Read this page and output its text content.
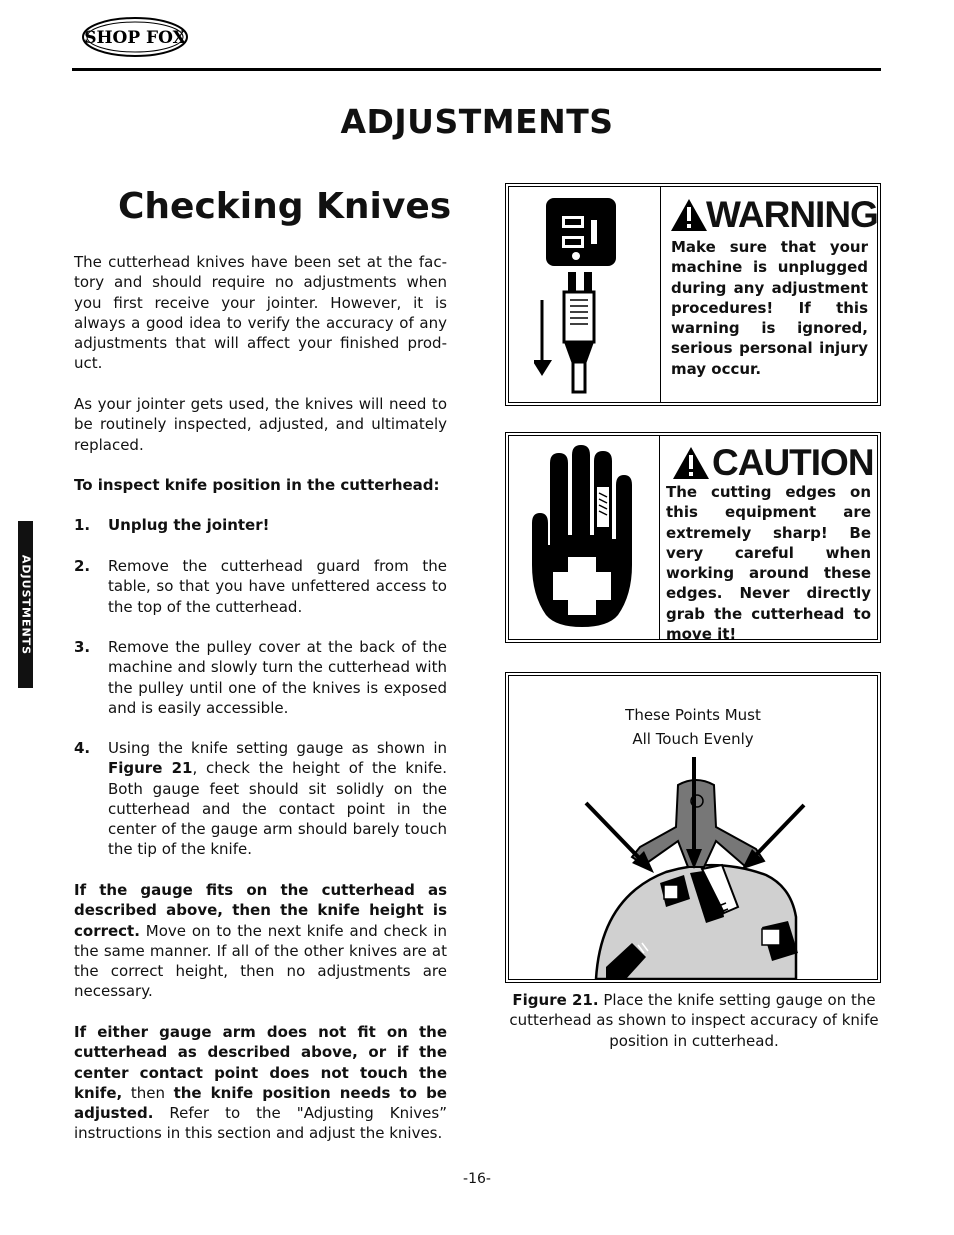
SHOP FOX
ADJUSTMENTS
ADJUSTMENTS
Checking Knives

The cutterhead knives have been set at the factory and should require no adjustments when you first receive your jointer. However, it is always a good idea to verify the accuracy of any adjustments that will affect your finished product.

As your jointer gets used, the knives will need to be routinely inspected, adjusted, and ultimately replaced.

To inspect knife position in the cutterhead:
1. Unplug the jointer!
2. Remove the cutterhead guard from the table, so that you have unfettered access to the top of the cutterhead.
3. Remove the pulley cover at the back of the machine and slowly turn the cutterhead with the pulley until one of the knives is exposed and is easily accessible.
4. Using the knife setting gauge as shown in Figure 21, check the height of the knife. Both gauge feet should sit solidly on the cutterhead and the contact point in the center of the gauge arm should barely touch the tip of the knife.

If the gauge fits on the cutterhead as described above, then the knife height is correct. Move on to the next knife and check in the same manner. If all of the other knives are at the correct height, then no adjustments are necessary.

If either gauge arm does not fit on the cutterhead as described above, or if the center contact point does not touch the knife, then the knife position needs to be adjusted. Refer to the "Adjusting Knives” instructions in this section and adjust the knives.

WARNING
Make sure that your machine is unplugged during any adjustment procedures! If this warning is ignored, serious personal injury may occur.
CAUTION
The cutting edges on this equipment are extremely sharp! Be very careful when working around these edges. Never directly grab the cutterhead to move it!
These Points Must
All Touch Evenly
Figure 21. Place the knife setting gauge on the cutterhead as shown to inspect accuracy of knife position in cutterhead.
-16-
